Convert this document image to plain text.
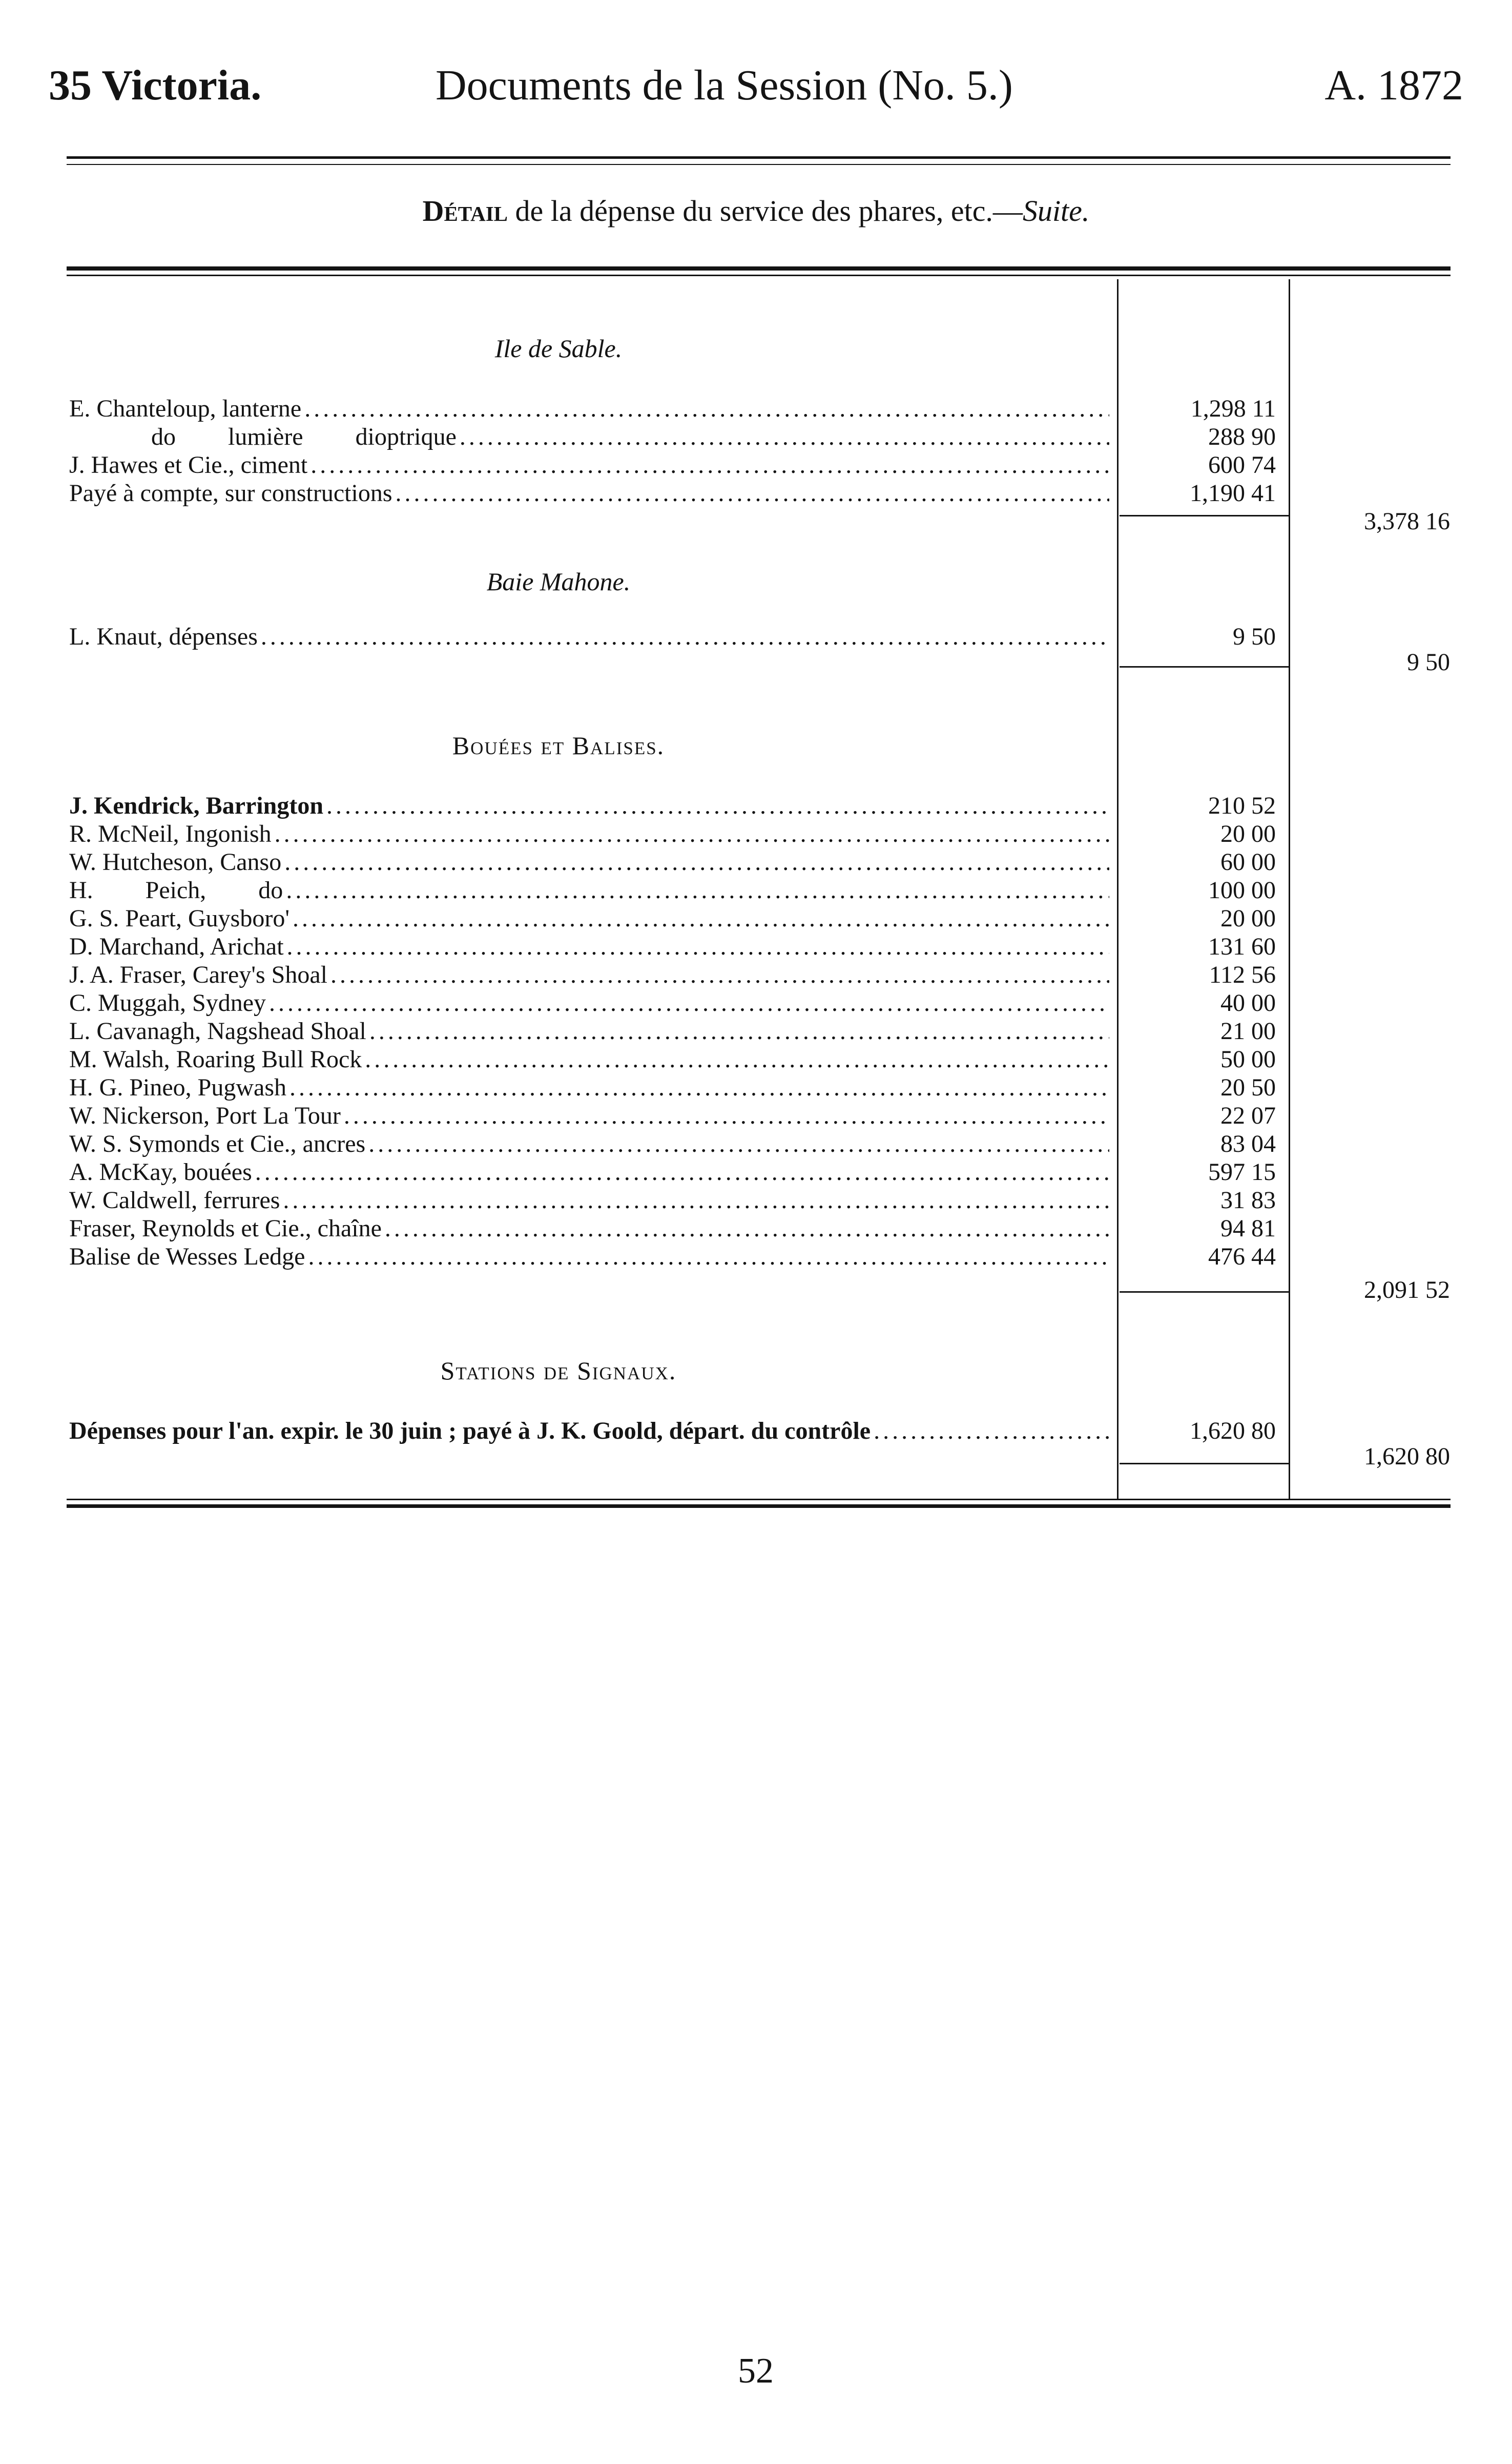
35 Victoria.	Documents de la Session (No. 5.)	A. 1872
Détail de la dépense du service des phares, etc.—Suite.
Ile de Sable.
E. Chanteloup, lanterne .....	1,298 11
do lumière dioptrique .....	288 90
J. Hawes et Cie., ciment .....	600 74
Payé à compte, sur constructions .....	1,190 41
3,378 16
Baie Mahone.
L. Knaut, dépenses .....	9 50
9 50
Bouées et Balises.
J. Kendrick, Barrington .....	210 52
R. McNeil, Ingonish .....	20 00
W. Hutcheson, Canso .....	60 00
H. Peich, do .....	100 00
G. S. Peart, Guysboro' .....	20 00
D. Marchand, Arichat .....	131 60
J. A. Fraser, Carey's Shoal .....	112 56
C. Muggah, Sydney .....	40 00
L. Cavanagh, Nagshead Shoal .....	21 00
M. Walsh, Roaring Bull Rock .....	50 00
H. G. Pineo, Pugwash .....	20 50
W. Nickerson, Port La Tour .....	22 07
W. S. Symonds et Cie., ancres .....	83 04
A. McKay, bouées .....	597 15
W. Caldwell, ferrures .....	31 83
Fraser, Reynolds et Cie., chaîne .....	94 81
Balise de Wesses Ledge .....	476 44
2,091 52
Stations de Signaux.
Dépenses pour l'an. expir. le 30 juin ; payé à J. K. Goold, départ. du contrôle .....	1,620 80
1,620 80
52
